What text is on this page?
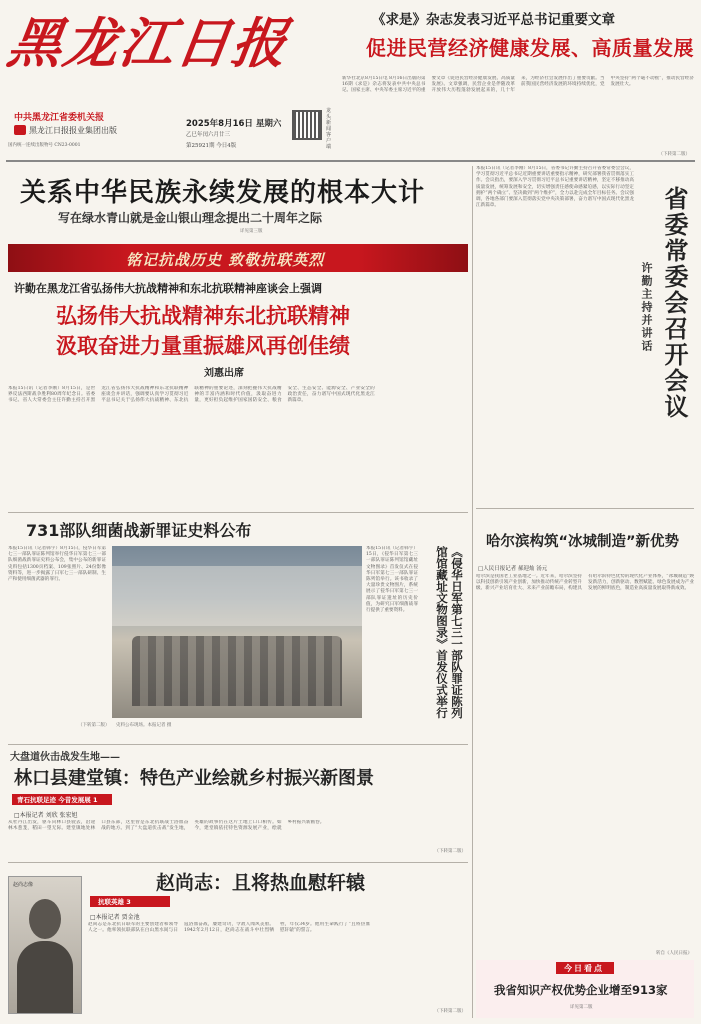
黑龙江日报
中共黑龙江省委机关报
黑龙江日报报业集团出版
国内统一连续出版物号 CN23-0001
2025年8月16日 星期六
乙巳年闰六月廿三
第25921期 今日4版
龙头新闻客户端
《求是》杂志发表习近平总书记重要文章
促进民营经济健康发展、高质量发展
新华社北京8月15日电 8月16日出版的第16期《求是》杂志将发表中共中央总书记、国家主席、中央军委主席习近平的重要文章《促进民营经济健康发展、高质量发展》。文章强调，民营企业是伴随改革开放伟大历程蓬勃发展起来的，几十年来，为经济社会发展作出了重要贡献。当前我国民营经济发展的环境持续优化，党中央坚持“两个毫不动摇”，推动民营经济发展壮大。
（下转第二版）
关系中华民族永续发展的根本大计
写在绿水青山就是金山银山理念提出二十周年之际
详见第三版
铭记抗战历史 致敬抗联英烈
许勤在黑龙江省弘扬伟大抗战精神和东北抗联精神座谈会上强调
弘扬伟大抗战精神东北抗联精神
汲取奋进力量重振雄风再创佳绩
刘惠出席
本报15日讯（记者李刚）8月15日，是世界反法西斯战争胜利80周年纪念日。省委书记、省人大常委会主任许勤主持召开黑龙江省弘扬伟大抗战精神和东北抗联精神座谈会并讲话，强调要认真学习贯彻习近平总书记关于弘扬伟大抗战精神、东北抗联精神的重要论述，深刻把握伟大抗战精神的丰富内涵和时代价值，汲取奋进力量，更好担负起维护国家国防安全、粮食安全、生态安全、能源安全、产业安全的政治责任，奋力谱写中国式现代化黑龙江新篇章。
731部队细菌战新罪证史料公布
本报15日讯（记者韩宇）8月15日，侵华日军第七三一部队罪证陈列馆举行侵华日军第七三一部队细菌战新罪证史料公布会，集中公布的新罪证史料包括1300页档案、109张照片、24份影像资料等，进一步揭露了日军七三一部队研制、生产和使用细菌武器的罪行。
（下转第二版） 史料公布现场。本报记者 摄
《侵华日军第七三一部队罪证陈列馆馆藏址文物图录》首发仪式举行
本报15日讯（记者韩宇）15日，《侵华日军第七三一部队罪证陈列馆馆藏址文物图录》首发仪式在侵华日军第七三一部队罪证陈列馆举行。该书收录了大量珍贵文物图片，系统展示了侵华日军第七三一部队罪证遗址的历史价值，为研究日军细菌战罪行提供了重要资料。
大盘道伙击战发生地——
林口县建堂镇：特色产业绘就乡村振兴新图景
青石抗联足迹 今昔发展展 1
□本报记者 刘欣 张宏旭
从牡丹江出发，驱车向林口县驶去，沿途林木葱茏，稻田一望无际。建堂镇地处林口县东部，这里曾是东北抗联战士浴血奋战的地方。到了“大盘道伏击战”发生地，英雄的故事仍在这片土地上口口相传。如今，建堂镇依托特色资源发展产业，绘就乡村振兴新画卷。
（下转第二版）
赵尚志像	赵尚志：且将热血慰轩辕
抗联英雄 3
□本报记者 贾金池
赵尚志是东北抗日联军的主要创建者和领导人之一。他率领抗联部队在白山黑水间与日寇浴血奋战，屡建奇功，令敌人闻风丧胆。1942年2月12日，赵尚志在战斗中壮烈牺牲，年仅34岁。他用生命践行了“且将热血慰轩辕”的誓言。
（下转第二版）
本报15日讯（记者李刚）8月15日，省委书记许勤主持召开省委常委会会议，学习贯彻习近平总书记近期重要讲话重要指示精神，研究部署我省贯彻落实工作。会议指出，要深入学习贯彻习近平总书记重要讲话精神，坚定不移推动高质量发展，统筹发展和安全，切实增强责任感使命感紧迫感，以实际行动坚定拥护“两个确立”、坚决做到“两个维护”，全力以赴完成全年目标任务。会议强调，各地各部门要深入贯彻落实党中央决策部署，奋力谱写中国式现代化黑龙江新篇章。	省委常委会召开会议
许勤主持并讲话
哈尔滨构筑“冰城制造”新优势
□人民日报记者 郝迎灿 汤元
哈尔滨是我国老工业基地之一。近年来，哈尔滨坚持以科技创新引领产业创新，加快推动传统产业转型升级、新兴产业培育壮大、未来产业前瞻布局，构建具有哈尔滨特色优势的现代化产业体系，“冰城制造”焕发新活力，创新驱动、数智赋能、绿色发展成为产业发展的鲜明底色，制造业高质量发展取得新成效。
转自《人民日报》
今日看点
我省知识产权优势企业增至913家
详见第二版
